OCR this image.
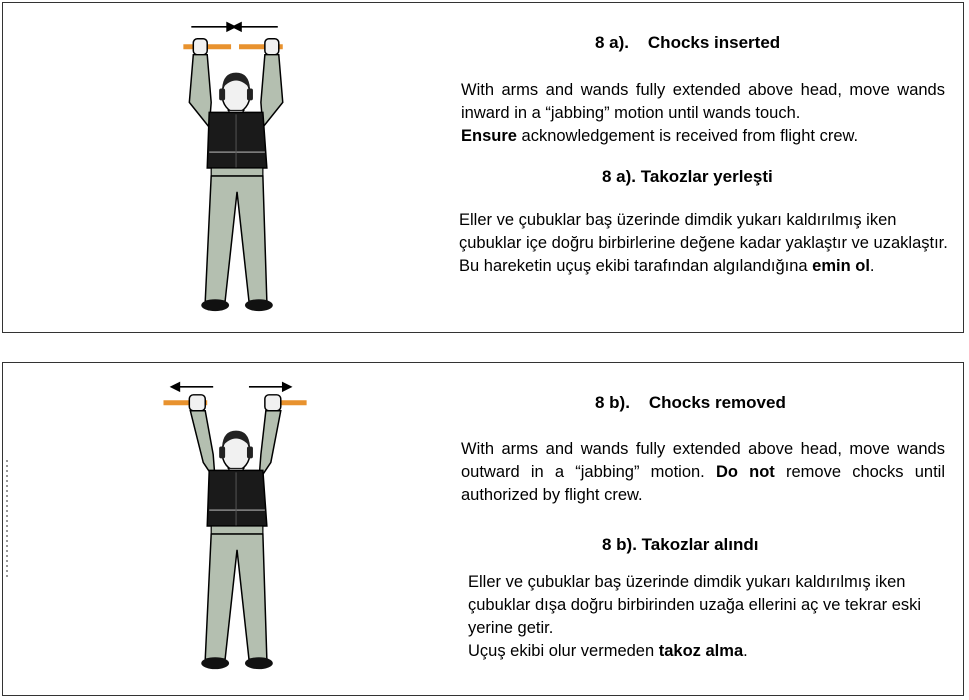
8 a).    Chocks inserted
With arms and wands fully extended above head, move wands inward in a “jabbing” motion until wands touch.
Ensure acknowledgement is received from flight crew.
8 a). Takozlar yerleşti
Eller ve çubuklar baş üzerinde dimdik yukarı kaldırılmış iken çubuklar içe doğru birbirlerine değene kadar yaklaştır ve uzaklaştır.
Bu hareketin uçuş ekibi tarafından algılandığına emin ol.
8 b).    Chocks removed
With arms and wands fully extended above head, move wands outward in a “jabbing” motion. Do not remove chocks until authorized by flight crew.
8 b). Takozlar alındı
Eller ve çubuklar baş üzerinde dimdik yukarı kaldırılmış iken çubuklar dışa doğru birbirinden uzağa ellerini aç ve tekrar eski yerine getir.
Uçuş ekibi olur vermeden takoz alma.
